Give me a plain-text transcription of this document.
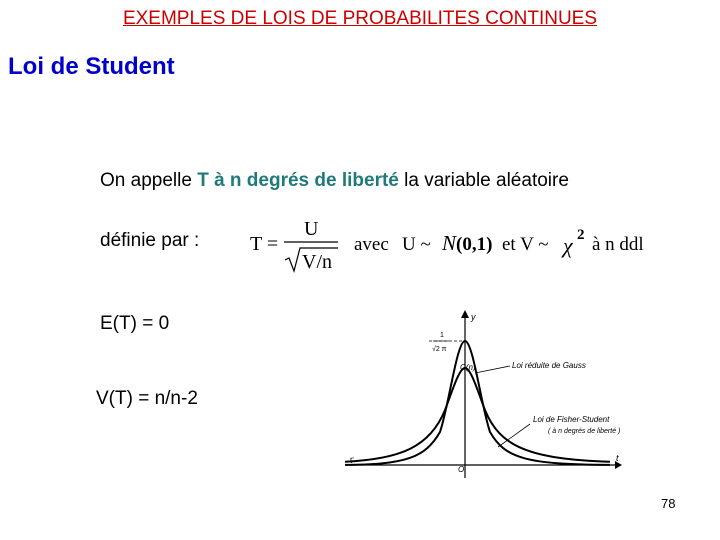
EXEMPLES DE LOIS DE PROBABILITES CONTINUES
Loi de Student
On appelle T à n degrés de liberté la variable aléatoire
définie par :	T =
U
V/n
avec U ~ N (0,1) et V ~ χ 2 à n ddl
E(T) = 0
V(T) = n/n-2
y
t
t'
O
1
√2 π
C(n)	Loi réduite de Gauss
Loi de Fisher-Student
( à n degrés de liberté )
78
